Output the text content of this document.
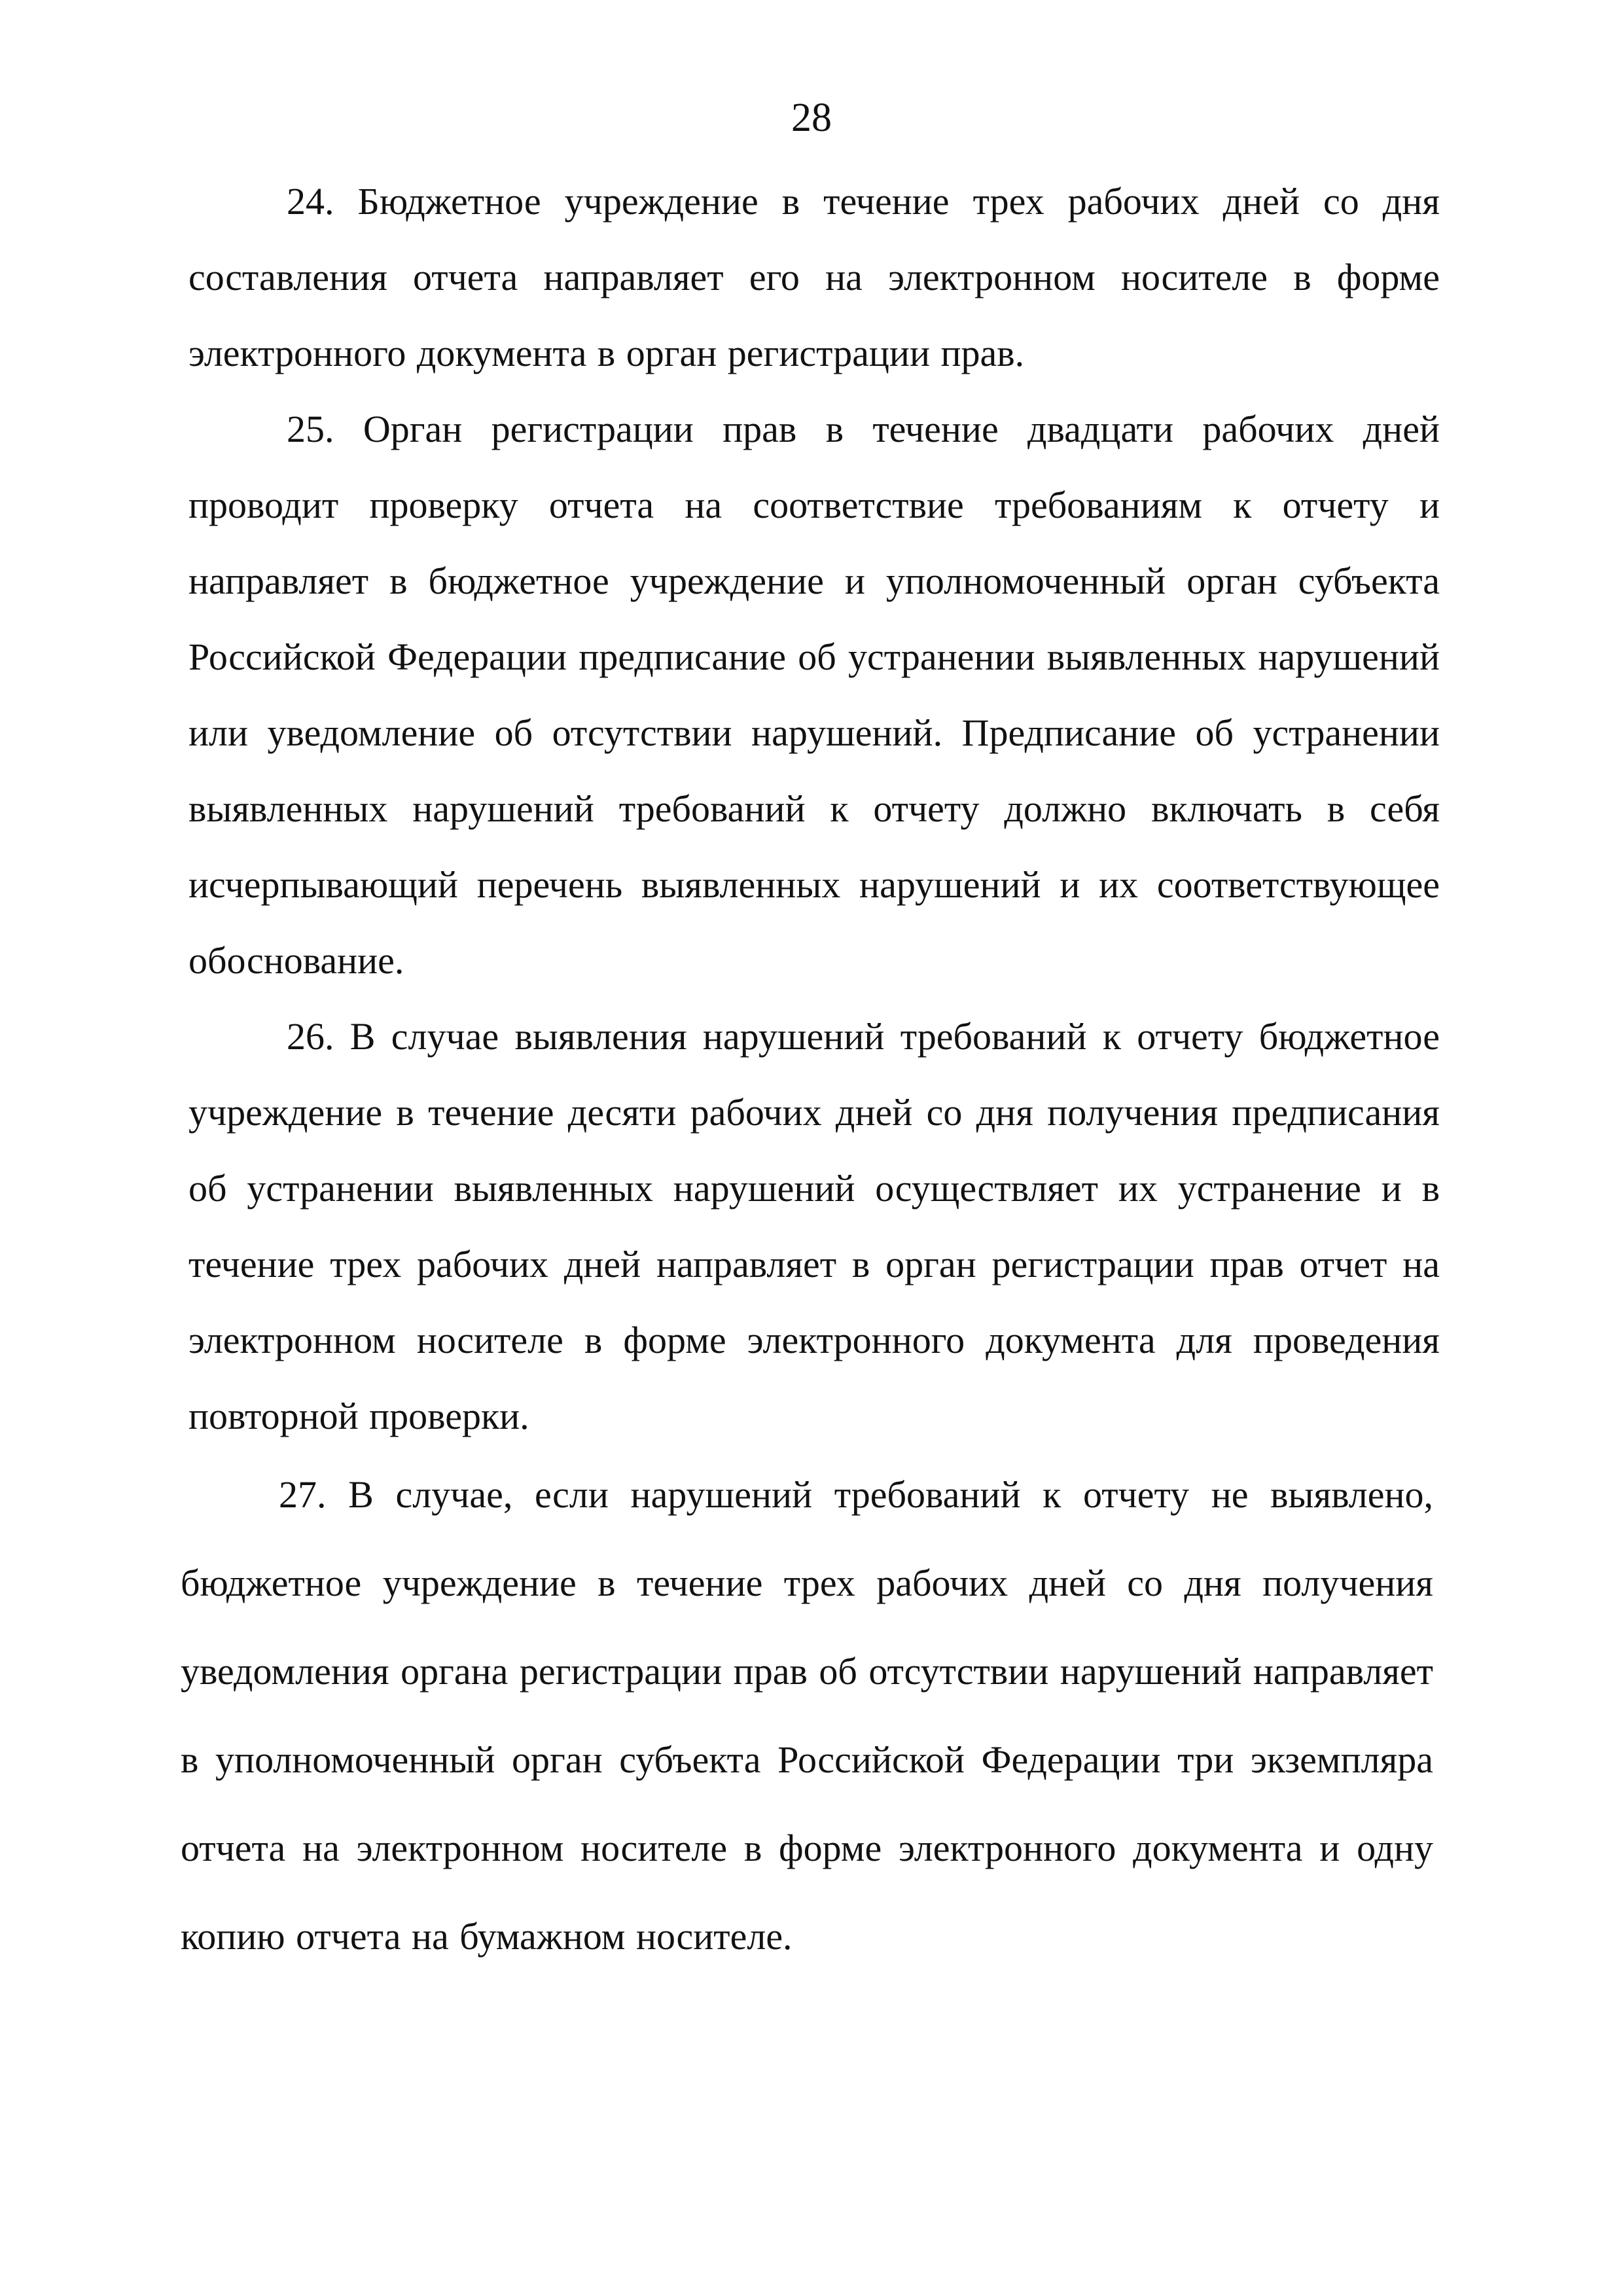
28

24. Бюджетное учреждение в течение трех рабочих дней со дня составления отчета направляет его на электронном носителе в форме электронного документа в орган регистрации прав.

25. Орган регистрации прав в течение двадцати рабочих дней проводит проверку отчета на соответствие требованиям к отчету и направляет в бюджетное учреждение и уполномоченный орган субъекта Российской Федерации предписание об устранении выявленных нарушений или уведомление об отсутствии нарушений. Предписание об устранении выявленных нарушений требований к отчету должно включать в себя исчерпывающий перечень выявленных нарушений и их соответствующее обоснование.

26. В случае выявления нарушений требований к отчету бюджетное учреждение в течение десяти рабочих дней со дня получения предписания об устранении выявленных нарушений осуществляет их устранение и в течение трех рабочих дней направляет в орган регистрации прав отчет на электронном носителе в форме электронного документа для проведения повторной проверки.

27. В случае, если нарушений требований к отчету не выявлено, бюджетное учреждение в течение трех рабочих дней со дня получения уведомления органа регистрации прав об отсутствии нарушений направляет в уполномоченный орган субъекта Российской Федерации три экземпляра отчета на электронном носителе в форме электронного документа и одну копию отчета на бумажном носителе.
